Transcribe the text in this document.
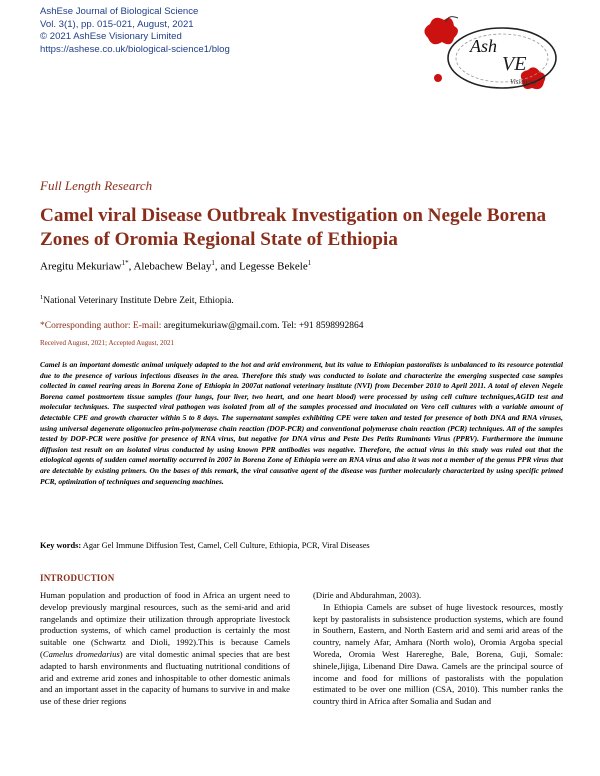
AshEse Journal of Biological Science
Vol. 3(1), pp. 015-021, August, 2021
© 2021 AshEse Visionary Limited
https://ashese.co.uk/biological-science1/blog	Ash
VE
Visionary
Full Length Research
Camel viral Disease Outbreak Investigation on Negele Borena Zones of Oromia Regional State of Ethiopia
Aregitu Mekuriaw$^{1*}$, Alebachew Belay$^1$, and Legesse Bekele$^1$
$^1$National Veterinary Institute Debre Zeit, Ethiopia.
*Corresponding author: E-mail: aregitumekuriaw@gmail.com. Tel: +91 8598992864
Received August, 2021; Accepted August, 2021
Camel is an important domestic animal uniquely adapted to the hot and arid environment, but its value to Ethiopian pastoralists is unbalanced to its resource potential due to the presence of various infectious diseases in the area. Therefore this study was conducted to isolate and characterize the emerging suspected case samples collected in camel rearing areas in Borena Zone of Ethiopia in 2007at national veterinary institute (NVI) from December 2010 to April 2011. A total of eleven Negele Borena camel postmortem tissue samples (four lungs, four liver, two heart, and one heart blood) were processed by using cell culture techniques,AGID test and molecular techniques. The suspected viral pathogen was isolated from all of the samples processed and inoculated on Vero cell cultures with a variable amount of detectable CPE and growth character within 5 to 8 days. The supernatant samples exhibiting CPE were taken and tested for presence of both DNA and RNA viruses, using universal degenerate oligonucleo prim-polymerase chain reaction (DOP-PCR) and conventional polymerase chain reaction (PCR) techniques. All of the samples tested by DOP-PCR were positive for presence of RNA virus, but negative for DNA virus and Peste Des Petits Ruminants Virus (PPRV). Furthermore the immune diffusion test result on an isolated virus conducted by using known PPR antibodies was negative. Therefore, the actual virus in this study was ruled out that the etiological agents of sudden camel mortality occurred in 2007 in Borena Zone of Ethiopia were an RNA virus and also it was not a member of the genus PPR virus that are detectable by existing primers. On the bases of this remark, the viral causative agent of the disease was further molecularly characterized by using specific primed PCR, optimization of techniques and sequencing machines.
Key words: Agar Gel Immune Diffusion Test, Camel, Cell Culture, Ethiopia, PCR, Viral Diseases
INTRODUCTION

Human population and production of food in Africa an urgent need to develop previously marginal resources, such as the semi-arid and arid rangelands and optimize their utilization through appropriate livestock production systems, of which camel production is certainly the most suitable one (Schwartz and Dioli, 1992).This is because Camels (Camelus dromedarius) are vital domestic animal species that are best adapted to harsh environments and fluctuating nutritional conditions of arid and extreme arid zones and inhospitable to other domestic animals and an important asset in the capacity of humans to survive in and make use of these drier regions

(Dirie and Abdurahman, 2003).

In Ethiopia Camels are subset of huge livestock resources, mostly kept by pastoralists in subsistence production systems, which are found in Southern, Eastern, and North Eastern arid and semi arid areas of the country, namely Afar, Amhara (North wolo), Oromia Argoba special Woreda, Oromia West Harereghe, Bale, Borena, Guji, Somale: shinele,Jijiga, Libenand Dire Dawa. Camels are the principal source of income and food for millions of pastoralists with the population estimated to be over one million (CSA, 2010). This number ranks the country third in Africa after Somalia and Sudan and
